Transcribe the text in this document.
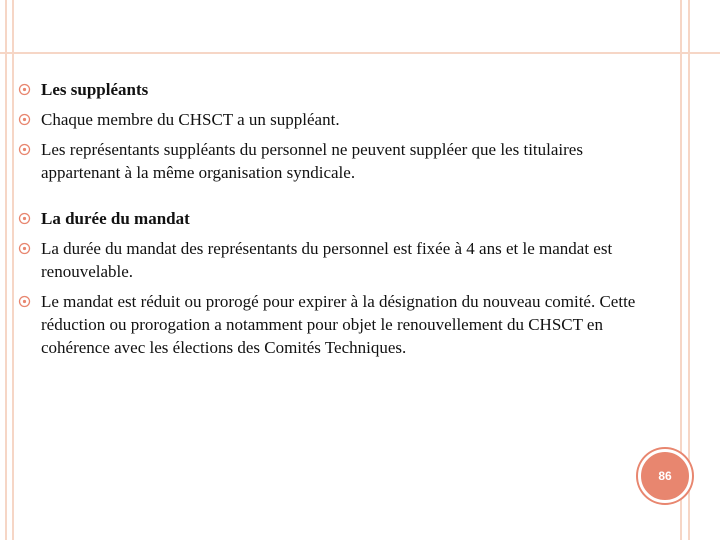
Les suppléants
Chaque membre du CHSCT a un suppléant.
Les représentants suppléants du personnel ne peuvent suppléer que les titulaires appartenant à la même organisation syndicale.
La durée du mandat
La durée du mandat des représentants du personnel est fixée à 4 ans et le mandat est renouvelable.
Le mandat est réduit ou prorogé pour expirer à la désignation du nouveau comité. Cette réduction ou prorogation a notamment pour objet le renouvellement du CHSCT en cohérence avec les élections des Comités Techniques.
86
